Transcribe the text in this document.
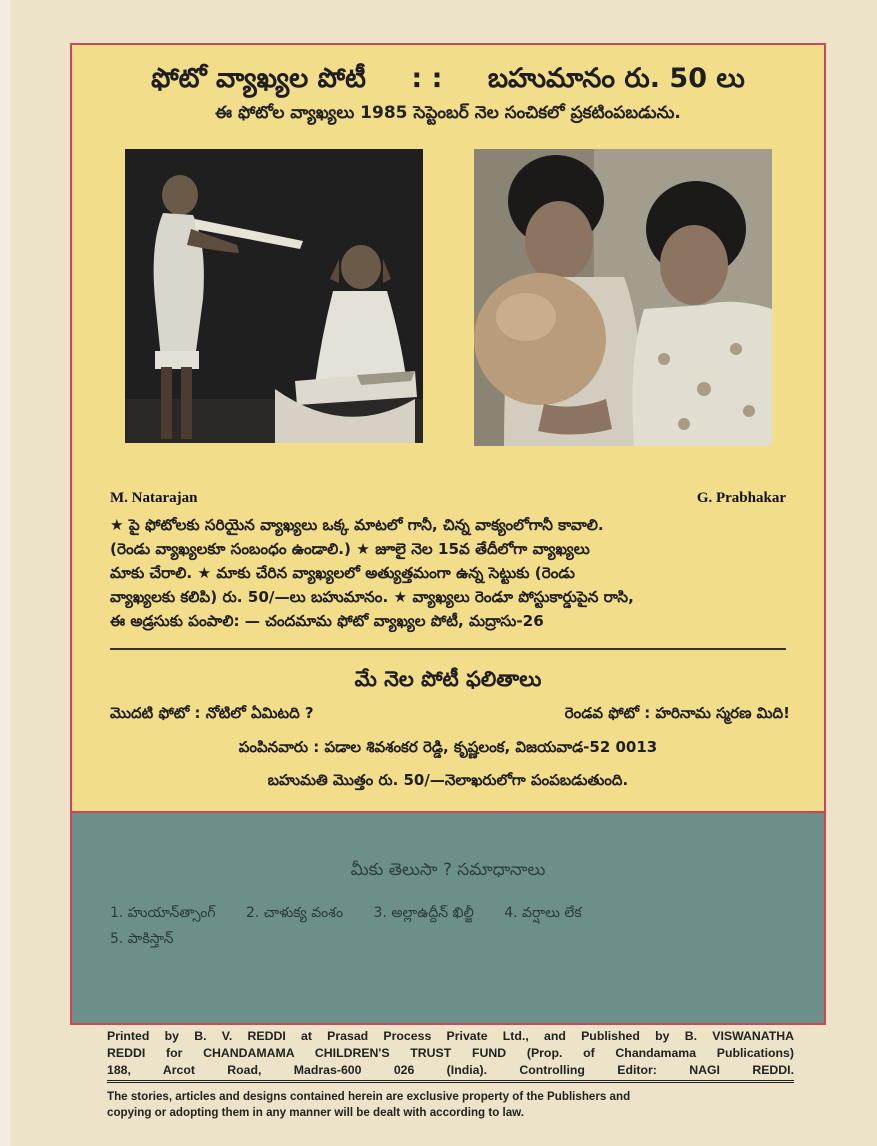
ఫోటో వ్యాఖ్యల పోటీ : : బహుమానం రు. 50 లు
ఈ ఫోటోల వ్యాఖ్యలు 1985 సెప్టెంబర్ నెల సంచికలో ప్రకటింపబడును.
M. Natarajan	G. Prabhakar

★ పై ఫోటోలకు సరియైన వ్యాఖ్యలు ఒక్క మాటలో గానీ, చిన్న వాక్యంలోగానీ కావాలి.

(రెండు వ్యాఖ్యలకూ సంబంధం ఉండాలి.) ★ జూలై నెల 15వ తేదీలోగా వ్యాఖ్యలు

మాకు చేరాలి. ★ మాకు చేరిన వ్యాఖ్యలలో అత్యుత్తమంగా ఉన్న సెట్టుకు (రెండు

వ్యాఖ్యలకు కలిపి) రు. 50/—లు బహుమానం. ★ వ్యాఖ్యలు రెండూ పోస్టుకార్డుపైన రాసి,

ఈ అడ్రసుకు పంపాలి: — చందమామ ఫోటో వ్యాఖ్యల పోటీ, మద్రాసు-26

మే నెల పోటీ ఫలితాలు
మొదటి ఫోటో : నోటిలో ఏమిటది ?	రెండవ ఫోటో : హరినామ స్మరణ మిది!
పంపినవారు : పడాల శివశంకర రెడ్డి, కృష్ణలంక, విజయవాడ-52 0013
బహుమతి మొత్తం రు. 50/—నెలాఖరులోగా పంపబడుతుంది.
మీకు తెలుసా ? సమాధానాలు
1. హుయాన్‌త్సాంగ్ 2. చాళుక్య వంశం 3. అల్లాఉద్దీన్ ఖిల్జీ 4. వర్షాలు లేక
5. పాకిస్తాన్

Printed by B. V. REDDI at Prasad Process Private Ltd., and Published by B. VISWANATHA

REDDI for CHANDAMAMA CHILDREN'S TRUST FUND (Prop. of Chandamama Publications)

188, Arcot Road, Madras-600 026 (India). Controlling Editor: NAGI REDDI.

The stories, articles and designs contained herein are exclusive property of the Publishers and

copying or adopting them in any manner will be dealt with according to law.
